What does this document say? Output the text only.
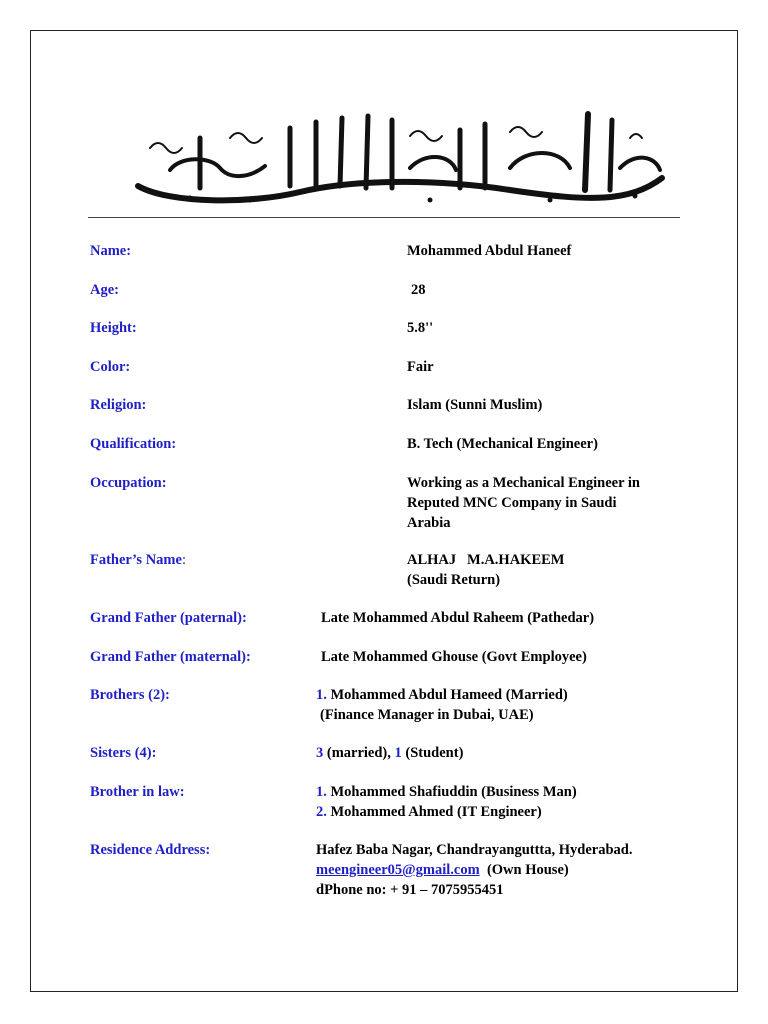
Name:	Mohammed Abdul Haneef
Age:	28
Height:	5.8''
Color:	Fair
Religion:	Islam (Sunni Muslim)
Qualification:	B. Tech (Mechanical Engineer)
Occupation:	Working as a Mechanical Engineer in
Reputed MNC Company in Saudi
Arabia
Father’s Name:	ALHAJ   M.A.HAKEEM
(Saudi Return)
Grand Father (paternal):	Late Mohammed Abdul Raheem (Pathedar)
Grand Father (maternal):	Late Mohammed Ghouse (Govt Employee)
Brothers (2):	1. Mohammed Abdul Hameed (Married)
(Finance Manager in Dubai, UAE)
Sisters (4):	3 (married), 1 (Student)
Brother in law:	1. Mohammed Shafiuddin (Business Man)
2. Mohammed Ahmed (IT Engineer)
Residence Address:	Hafez Baba Nagar, Chandrayanguttta, Hyderabad.
meengineer05@gmail.com  (Own House)
dPhone no: + 91 – 7075955451
